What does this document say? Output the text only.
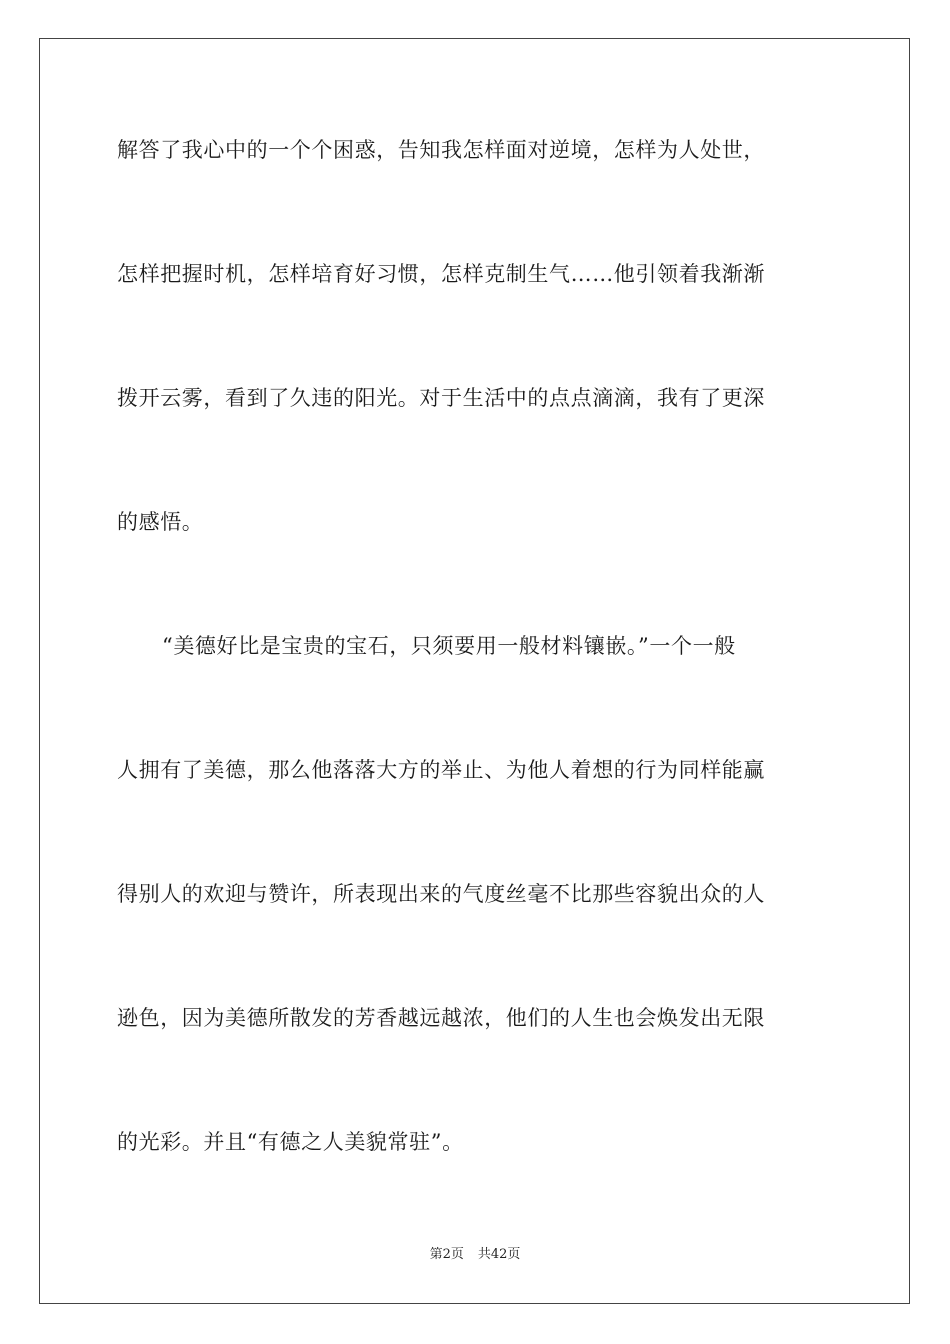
解答了我心中的一个个困惑，告知我怎样面对逆境，怎样为人处世，
怎样把握时机，怎样培育好习惯，怎样克制生气……他引领着我渐渐
拨开云雾，看到了久违的阳光。对于生活中的点点滴滴，我有了更深
的感悟。
“美德好比是宝贵的宝石，只须要用一般材料镶嵌。”一个一般
人拥有了美德，那么他落落大方的举止、为他人着想的行为同样能赢
得别人的欢迎与赞许，所表现出来的气度丝毫不比那些容貌出众的人
逊色，因为美德所散发的芳香越远越浓，他们的人生也会焕发出无限
的光彩。并且“有德之人美貌常驻”。
第2页 共42页
